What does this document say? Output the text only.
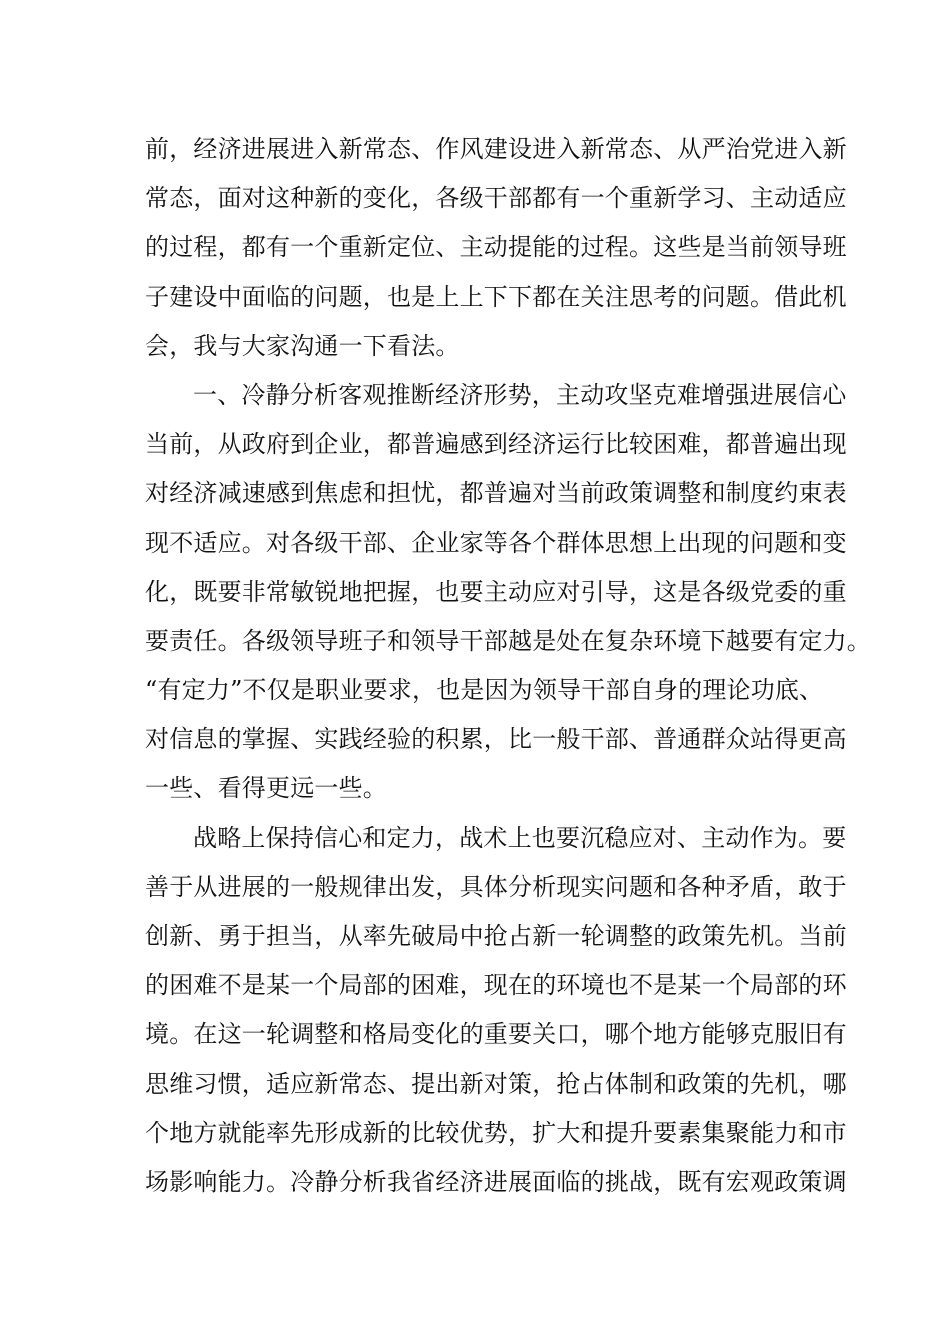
前，经济进展进入新常态、作风建设进入新常态、从严治党进入新
常态，面对这种新的变化，各级干部都有一个重新学习、主动适应
的过程，都有一个重新定位、主动提能的过程。这些是当前领导班
子建设中面临的问题，也是上上下下都在关注思考的问题。借此机
会，我与大家沟通一下看法。
一、冷静分析客观推断经济形势，主动攻坚克难增强进展信心
当前，从政府到企业，都普遍感到经济运行比较困难，都普遍出现
对经济减速感到焦虑和担忧，都普遍对当前政策调整和制度约束表
现不适应。对各级干部、企业家等各个群体思想上出现的问题和变
化，既要非常敏锐地把握，也要主动应对引导，这是各级党委的重
要责任。各级领导班子和领导干部越是处在复杂环境下越要有定力。
“有定力”不仅是职业要求，也是因为领导干部自身的理论功底、
对信息的掌握、实践经验的积累，比一般干部、普通群众站得更高
一些、看得更远一些。
战略上保持信心和定力，战术上也要沉稳应对、主动作为。要
善于从进展的一般规律出发，具体分析现实问题和各种矛盾，敢于
创新、勇于担当，从率先破局中抢占新一轮调整的政策先机。当前
的困难不是某一个局部的困难，现在的环境也不是某一个局部的环
境。在这一轮调整和格局变化的重要关口，哪个地方能够克服旧有
思维习惯，适应新常态、提出新对策，抢占体制和政策的先机，哪
个地方就能率先形成新的比较优势，扩大和提升要素集聚能力和市
场影响能力。冷静分析我省经济进展面临的挑战，既有宏观政策调
